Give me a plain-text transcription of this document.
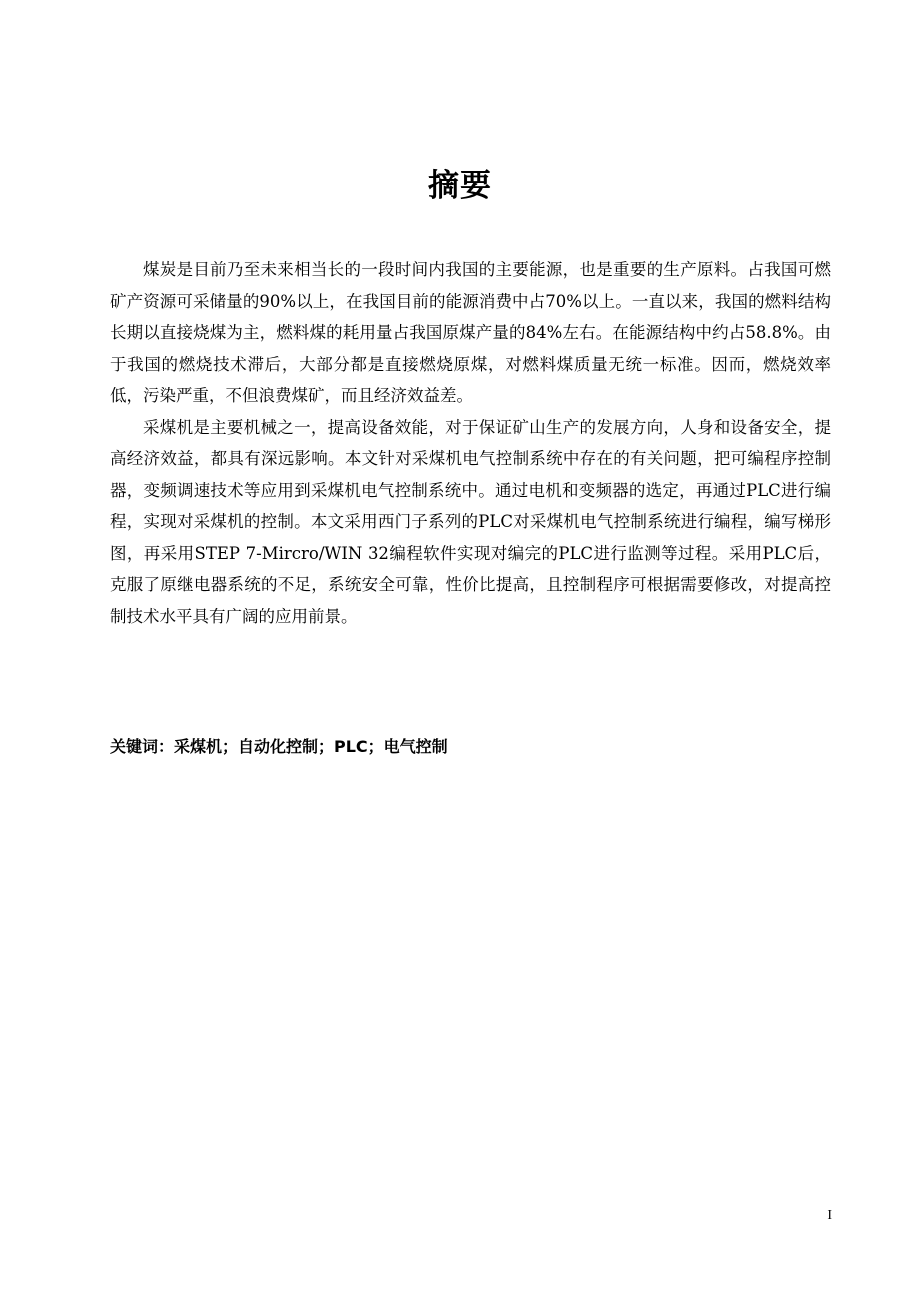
摘要

煤炭是目前乃至未来相当长的一段时间内我国的主要能源，也是重要的生产原料。占我国可燃矿产资源可采储量的90%以上，在我国目前的能源消费中占70%以上。一直以来，我国的燃料结构长期以直接烧煤为主，燃料煤的耗用量占我国原煤产量的84%左右。在能源结构中约占58.8%。由于我国的燃烧技术滞后，大部分都是直接燃烧原煤，对燃料煤质量无统一标准。因而，燃烧效率低，污染严重，不但浪费煤矿，而且经济效益差。

采煤机是主要机械之一，提高设备效能，对于保证矿山生产的发展方向，人身和设备安全，提高经济效益，都具有深远影响。本文针对采煤机电气控制系统中存在的有关问题，把可编程序控制器，变频调速技术等应用到采煤机电气控制系统中。通过电机和变频器的选定，再通过PLC进行编程，实现对采煤机的控制。本文采用西门子系列的PLC对采煤机电气控制系统进行编程，编写梯形图，再采用STEP 7-Mircro/WIN 32编程软件实现对编完的PLC进行监测等过程。采用PLC后，克服了原继电器系统的不足，系统安全可靠，性价比提高，且控制程序可根据需要修改，对提高控制技术水平具有广阔的应用前景。

关键词：采煤机；自动化控制；PLC；电气控制
I
